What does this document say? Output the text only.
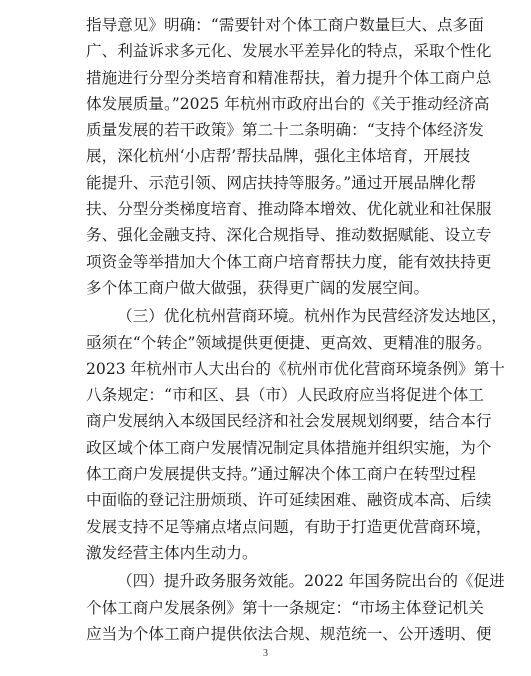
指导意见》明确：“需要针对个体工商户数量巨大、点多面
广、利益诉求多元化、发展水平差异化的特点，采取个性化
措施进行分型分类培育和精准帮扶，着力提升个体工商户总
体发展质量。”2025 年杭州市政府出台的《关于推动经济高
质量发展的若干政策》第二十二条明确：“支持个体经济发
展，深化杭州‘小店帮’帮扶品牌，强化主体培育，开展技
能提升、示范引领、网店扶持等服务。”通过开展品牌化帮
扶、分型分类梯度培育、推动降本增效、优化就业和社保服
务、强化金融支持、深化合规指导、推动数据赋能、设立专
项资金等举措加大个体工商户培育帮扶力度，能有效扶持更
多个体工商户做大做强，获得更广阔的发展空间。
（三）优化杭州营商环境。杭州作为民营经济发达地区，
亟须在“个转企”领域提供更便捷、更高效、更精准的服务。
2023 年杭州市人大出台的《杭州市优化营商环境条例》第十
八条规定：“市和区、县（市）人民政府应当将促进个体工
商户发展纳入本级国民经济和社会发展规划纲要，结合本行
政区域个体工商户发展情况制定具体措施并组织实施，为个
体工商户发展提供支持。”通过解决个体工商户在转型过程
中面临的登记注册烦琐、许可延续困难、融资成本高、后续
发展支持不足等痛点堵点问题，有助于打造更优营商环境，
激发经营主体内生动力。
（四）提升政务服务效能。2022 年国务院出台的《促进
个体工商户发展条例》第十一条规定：“市场主体登记机关
应当为个体工商户提供依法合规、规范统一、公开透明、便
3
